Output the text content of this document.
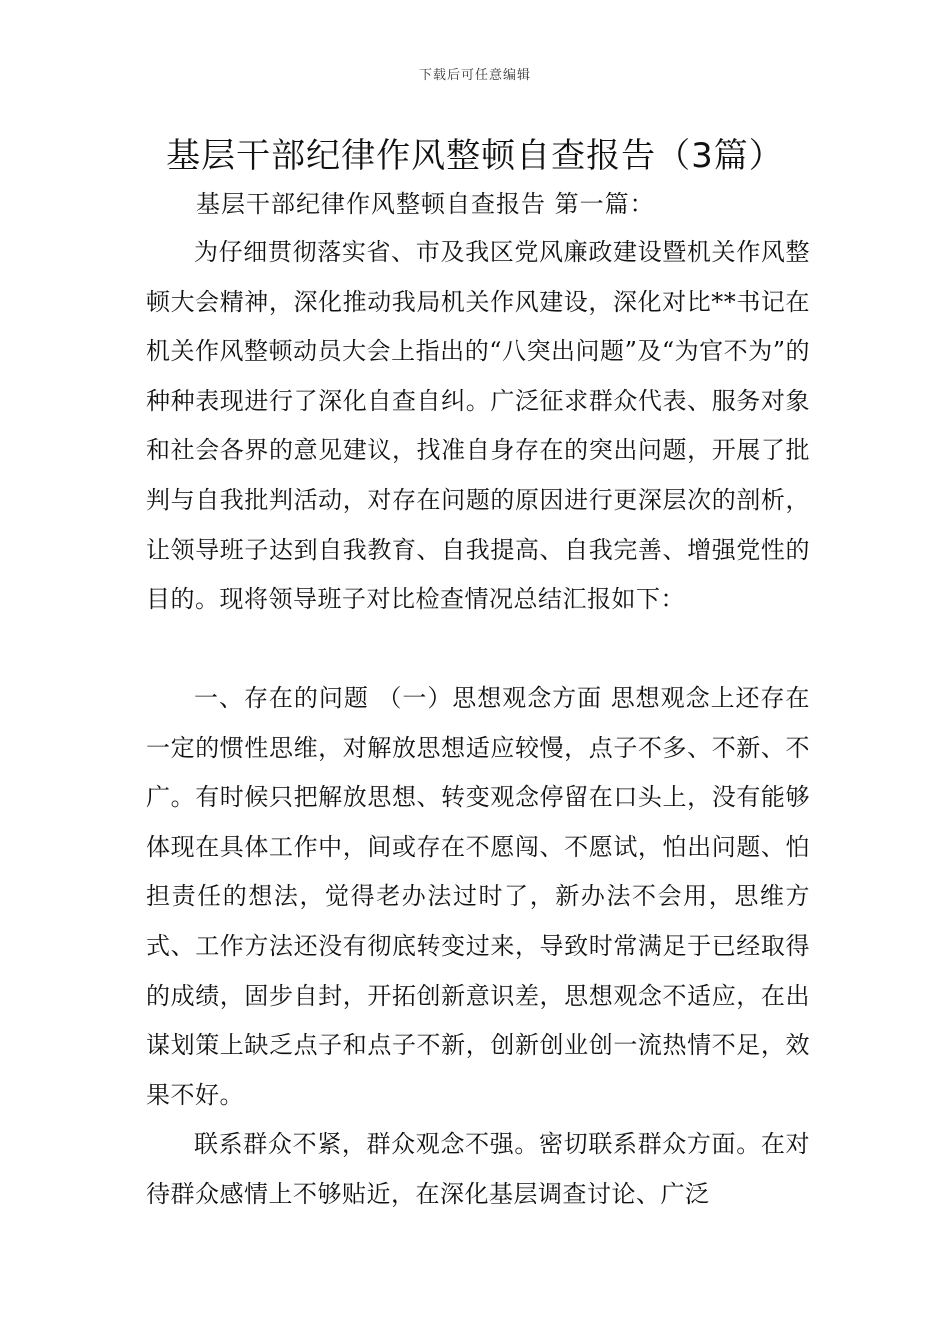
下载后可任意编辑
基层干部纪律作风整顿自查报告（3篇）

基层干部纪律作风整顿自查报告 第一篇：

为仔细贯彻落实省、市及我区党风廉政建设暨机关作风整顿大会精神，深化推动我局机关作风建设，深化对比**书记在机关作风整顿动员大会上指出的“八突出问题”及“为官不为”的种种表现进行了深化自查自纠。广泛征求群众代表、服务对象和社会各界的意见建议，找准自身存在的突出问题，开展了批判与自我批判活动，对存在问题的原因进行更深层次的剖析，让领导班子达到自我教育、自我提高、自我完善、增强党性的目的。现将领导班子对比检查情况总结汇报如下：

一、存在的问题 （一）思想观念方面 思想观念上还存在一定的惯性思维，对解放思想适应较慢，点子不多、不新、不广。有时候只把解放思想、转变观念停留在口头上，没有能够体现在具体工作中，间或存在不愿闯、不愿试，怕出问题、怕担责任的想法，觉得老办法过时了，新办法不会用，思维方式、工作方法还没有彻底转变过来，导致时常满足于已经取得的成绩，固步自封，开拓创新意识差，思想观念不适应，在出谋划策上缺乏点子和点子不新，创新创业创一流热情不足，效果不好。

联系群众不紧，群众观念不强。密切联系群众方面。在对待群众感情上不够贴近，在深化基层调查讨论、广泛
